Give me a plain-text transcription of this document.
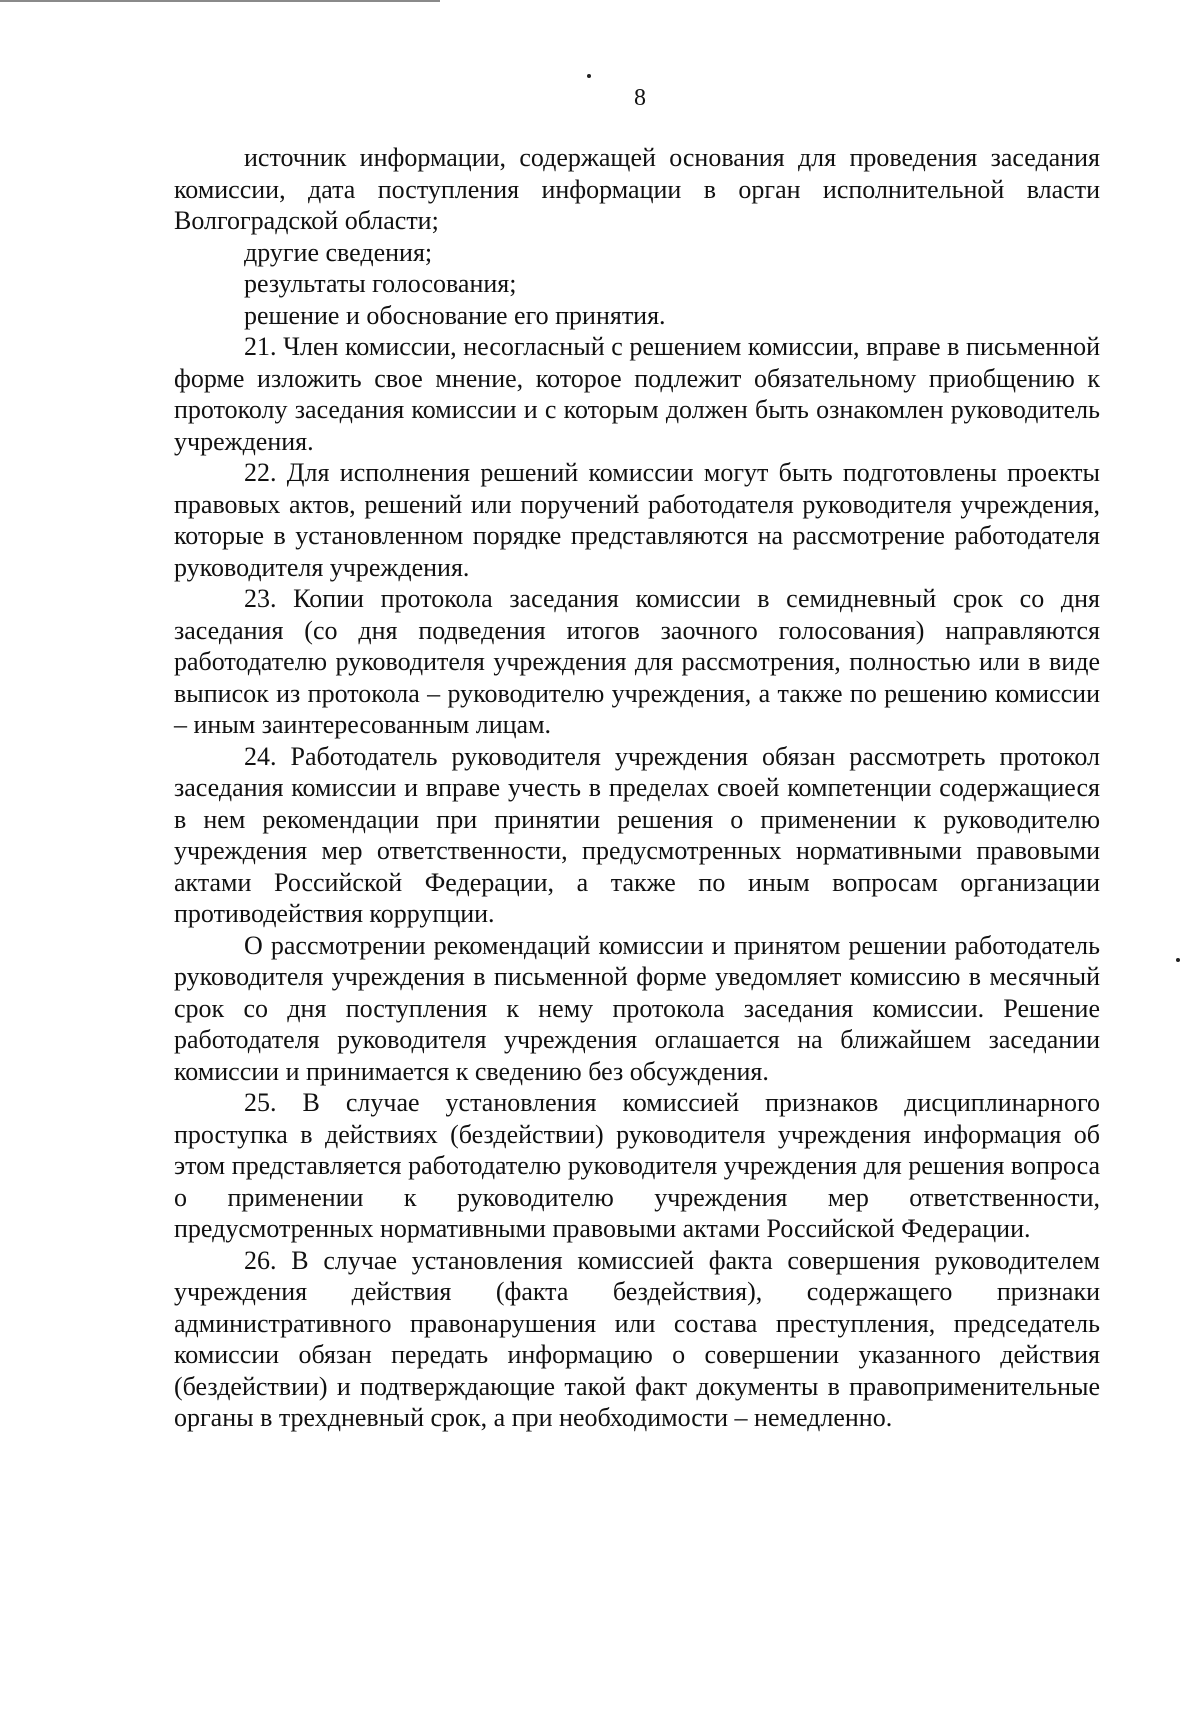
8

источник информации, содержащей основания для проведения заседания комиссии, дата поступления информации в орган исполнительной власти Волгоградской области;

другие сведения;

результаты голосования;

решение и обоснование его принятия.

21. Член комиссии, несогласный с решением комиссии, вправе в письменной форме изложить свое мнение, которое подлежит обязательному приобщению к протоколу заседания комиссии и с которым должен быть ознакомлен руководитель учреждения.

22. Для исполнения решений комиссии могут быть подготовлены проекты правовых актов, решений или поручений работодателя руководителя учреждения, которые в установленном порядке представляются на рассмотрение работодателя руководителя учреждения.

23. Копии протокола заседания комиссии в семидневный срок со дня заседания (со дня подведения итогов заочного голосования) направляются работодателю руководителя учреждения для рассмотрения, полностью или в виде выписок из протокола – руководителю учреждения, а также по решению комиссии – иным заинтересованным лицам.

24. Работодатель руководителя учреждения обязан рассмотреть протокол заседания комиссии и вправе учесть в пределах своей компетенции содержащиеся в нем рекомендации при принятии решения о применении к руководителю учреждения мер ответственности, предусмотренных нормативными правовыми актами Российской Федерации, а также по иным вопросам организации противодействия коррупции.

О рассмотрении рекомендаций комиссии и принятом решении работодатель руководителя учреждения в письменной форме уведомляет комиссию в месячный срок со дня поступления к нему протокола заседания комиссии. Решение работодателя руководителя учреждения оглашается на ближайшем заседании комиссии и принимается к сведению без обсуждения.

25. В случае установления комиссией признаков дисциплинарного проступка в действиях (бездействии) руководителя учреждения информация об этом представляется работодателю руководителя учреждения для решения вопроса о применении к руководителю учреждения мер ответственности, предусмотренных нормативными правовыми актами Российской Федерации.

26. В случае установления комиссией факта совершения руководителем учреждения действия (факта бездействия), содержащего признаки административного правонарушения или состава преступления, председатель комиссии обязан передать информацию о совершении указанного действия (бездействии) и подтверждающие такой факт документы в правоприменительные органы в трехдневный срок, а при необходимости – немедленно.
